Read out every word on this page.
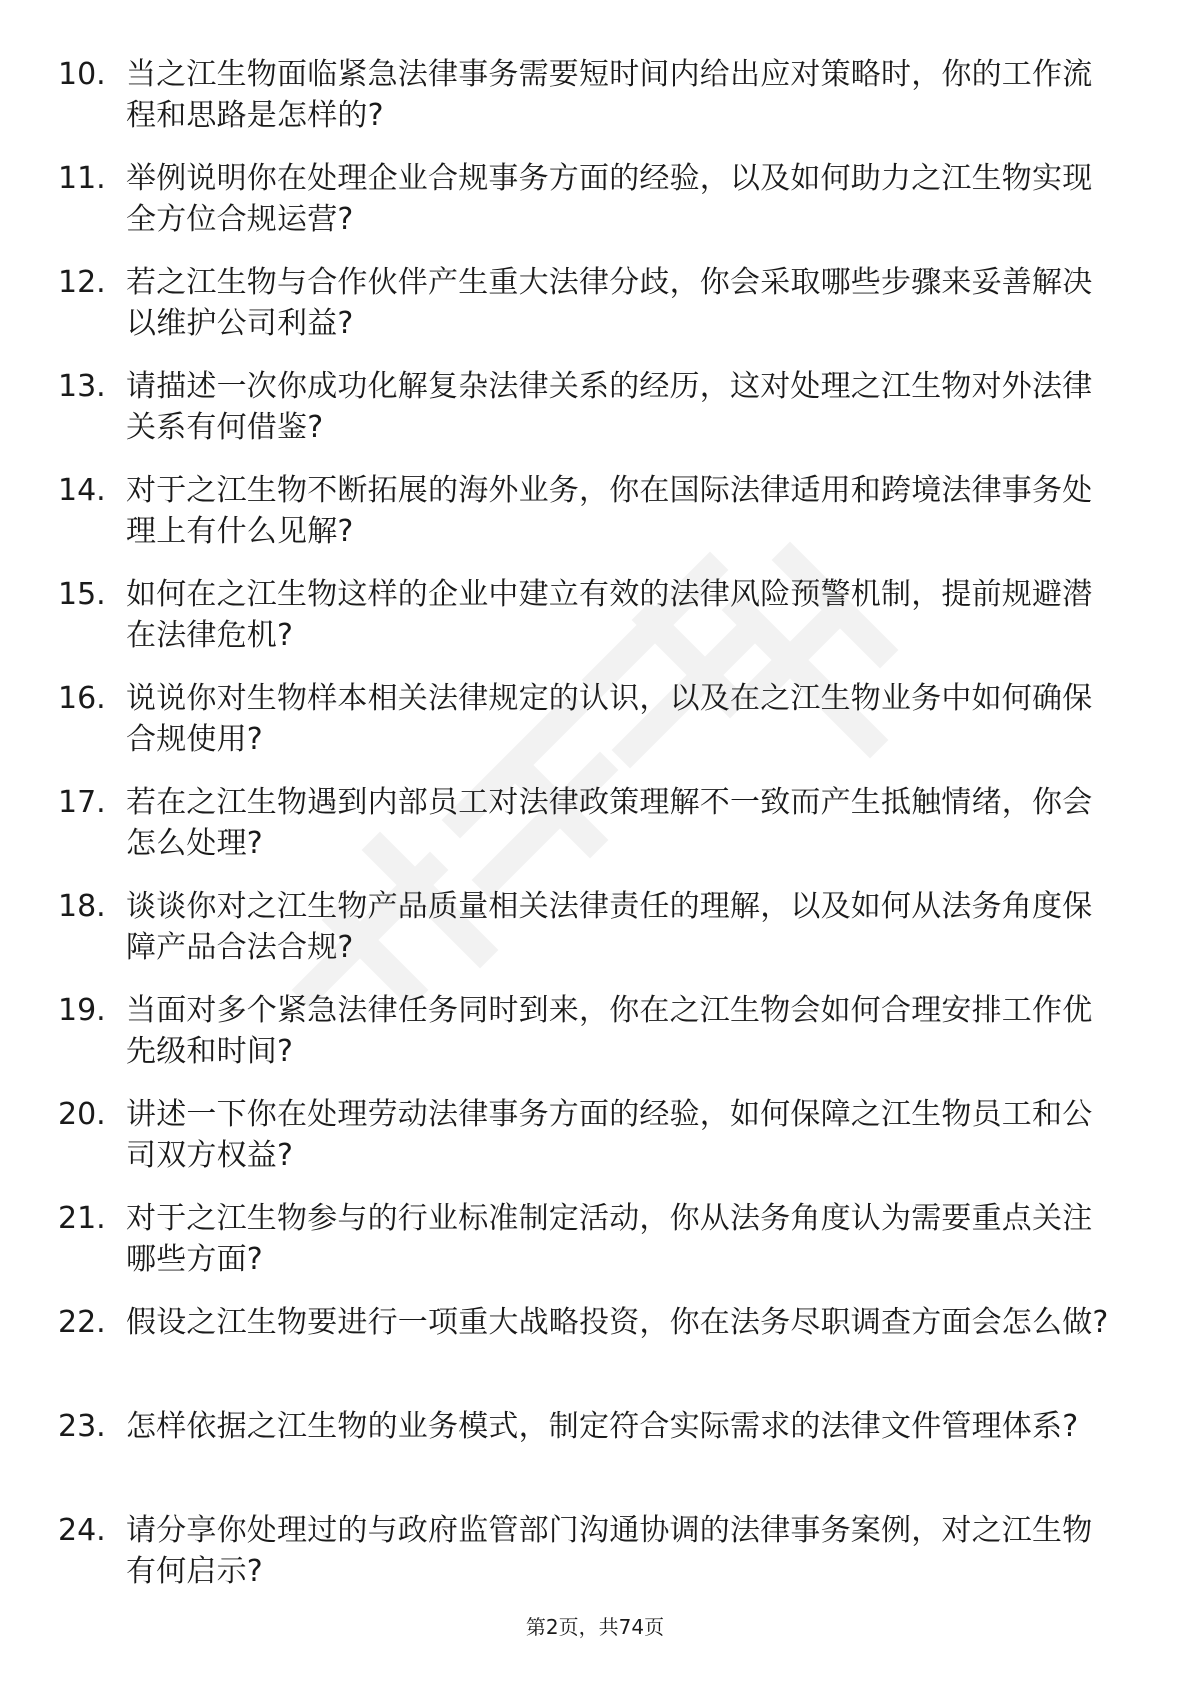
10. 当之江生物面临紧急法律事务需要短时间内给出应对策略时，你的工作流程和思路是怎样的?
11. 举例说明你在处理企业合规事务方面的经验，以及如何助力之江生物实现全方位合规运营?
12. 若之江生物与合作伙伴产生重大法律分歧，你会采取哪些步骤来妥善解决以维护公司利益?
13. 请描述一次你成功化解复杂法律关系的经历，这对处理之江生物对外法律关系有何借鉴?
14. 对于之江生物不断拓展的海外业务，你在国际法律适用和跨境法律事务处理上有什么见解?
15. 如何在之江生物这样的企业中建立有效的法律风险预警机制，提前规避潜在法律危机?
16. 说说你对生物样本相关法律规定的认识，以及在之江生物业务中如何确保合规使用?
17. 若在之江生物遇到内部员工对法律政策理解不一致而产生抵触情绪，你会怎么处理?
18. 谈谈你对之江生物产品质量相关法律责任的理解，以及如何从法务角度保障产品合法合规?
19. 当面对多个紧急法律任务同时到来，你在之江生物会如何合理安排工作优先级和时间?
20. 讲述一下你在处理劳动法律事务方面的经验，如何保障之江生物员工和公司双方权益?
21. 对于之江生物参与的行业标准制定活动，你从法务角度认为需要重点关注哪些方面?
22. 假设之江生物要进行一项重大战略投资，你在法务尽职调查方面会怎么做?
23. 怎样依据之江生物的业务模式，制定符合实际需求的法律文件管理体系?
24. 请分享你处理过的与政府监管部门沟通协调的法律事务案例，对之江生物有何启示?
第2页，共74页
